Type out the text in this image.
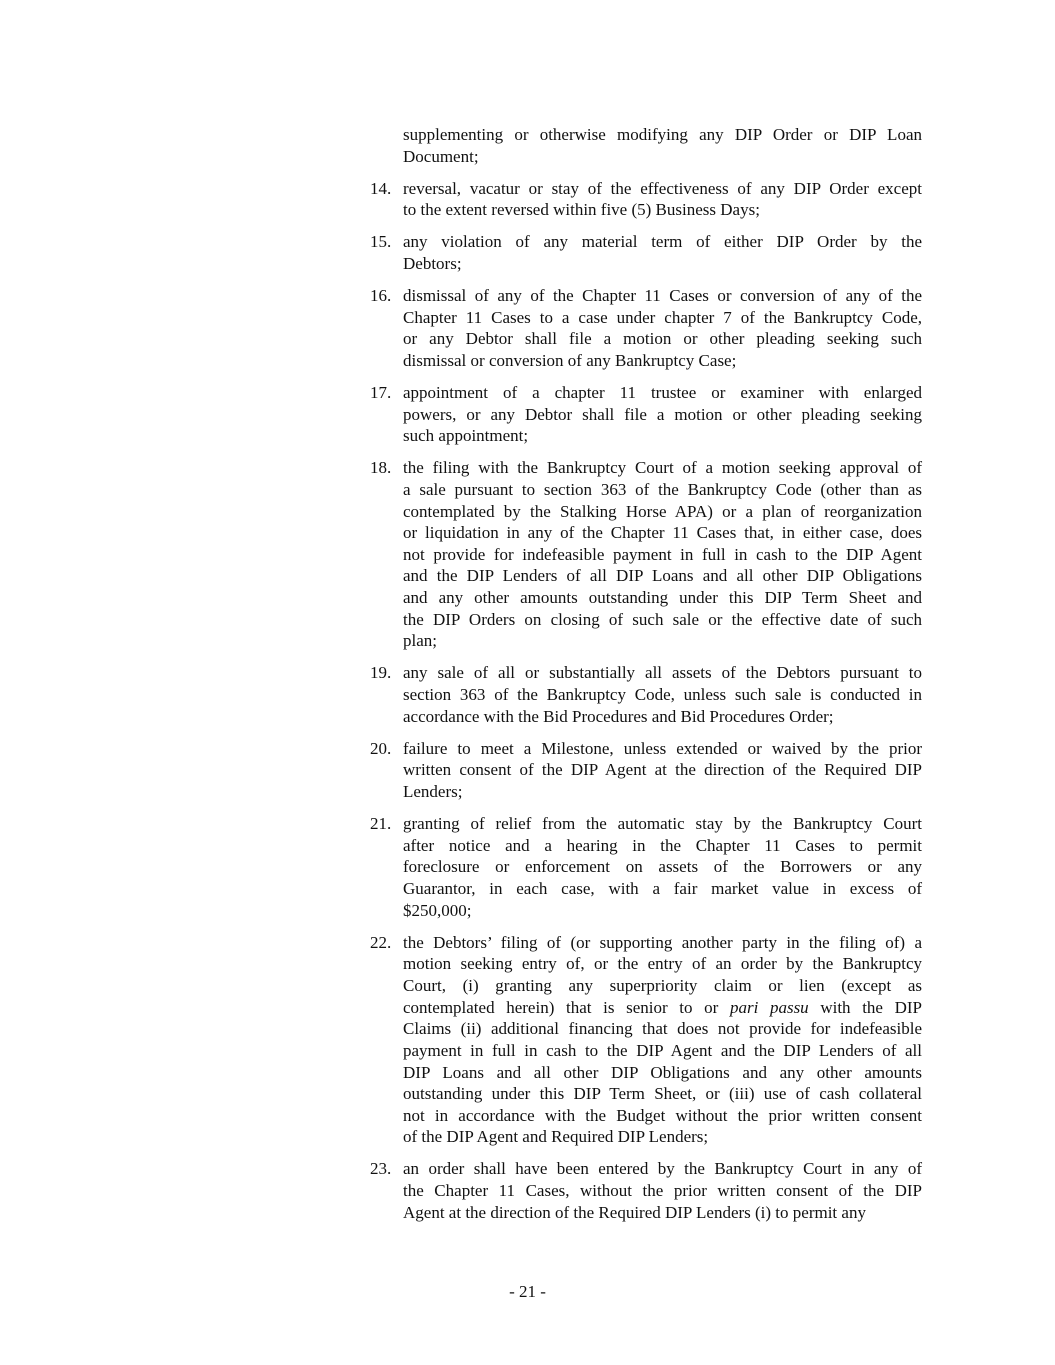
supplementing or otherwise modifying any DIP Order or DIP Loan
Document;
14. reversal, vacatur or stay of the effectiveness of any DIP Order except
to the extent reversed within five (5) Business Days;
15. any violation of any material term of either DIP Order by the
Debtors;
16. dismissal of any of the Chapter 11 Cases or conversion of any of the
Chapter 11 Cases to a case under chapter 7 of the Bankruptcy Code,
or any Debtor shall file a motion or other pleading seeking such
dismissal or conversion of any Bankruptcy Case;
17. appointment of a chapter 11 trustee or examiner with enlarged
powers, or any Debtor shall file a motion or other pleading seeking
such appointment;
18. the filing with the Bankruptcy Court of a motion seeking approval of
a sale pursuant to section 363 of the Bankruptcy Code (other than as
contemplated by the Stalking Horse APA) or a plan of reorganization
or liquidation in any of the Chapter 11 Cases that, in either case, does
not provide for indefeasible payment in full in cash to the DIP Agent
and the DIP Lenders of all DIP Loans and all other DIP Obligations
and any other amounts outstanding under this DIP Term Sheet and
the DIP Orders on closing of such sale or the effective date of such
plan;
19. any sale of all or substantially all assets of the Debtors pursuant to
section 363 of the Bankruptcy Code, unless such sale is conducted in
accordance with the Bid Procedures and Bid Procedures Order;
20. failure to meet a Milestone, unless extended or waived by the prior
written consent of the DIP Agent at the direction of the Required DIP
Lenders;
21. granting of relief from the automatic stay by the Bankruptcy Court
after notice and a hearing in the Chapter 11 Cases to permit
foreclosure or enforcement on assets of the Borrowers or any
Guarantor, in each case, with a fair market value in excess of
$250,000;
22. the Debtors’ filing of (or supporting another party in the filing of) a
motion seeking entry of, or the entry of an order by the Bankruptcy
Court, (i) granting any superpriority claim or lien (except as
contemplated herein) that is senior to or pari passu with the DIP
Claims (ii) additional financing that does not provide for indefeasible
payment in full in cash to the DIP Agent and the DIP Lenders of all
DIP Loans and all other DIP Obligations and any other amounts
outstanding under this DIP Term Sheet, or (iii) use of cash collateral
not in accordance with the Budget without the prior written consent
of the DIP Agent and Required DIP Lenders;
23. an order shall have been entered by the Bankruptcy Court in any of
the Chapter 11 Cases, without the prior written consent of the DIP
Agent at the direction of the Required DIP Lenders (i) to permit any
- 21 -
